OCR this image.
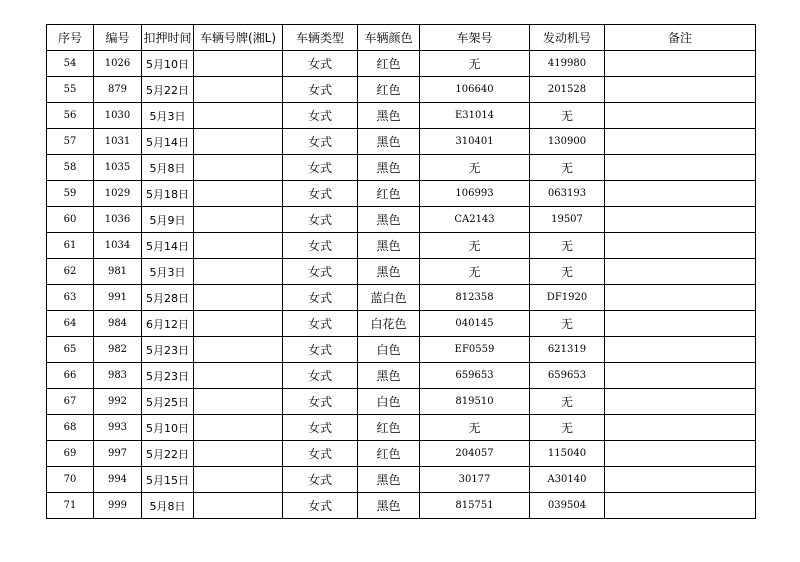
序号	编号	扣押时间	车辆号牌(湘L)	车辆类型	车辆颜色	车架号	发动机号	备注
54	1026	5月10日		女式	红色	无	419980	
55	879	5月22日		女式	红色	106640	201528	
56	1030	5月3日		女式	黑色	E31014	无	
57	1031	5月14日		女式	黑色	310401	130900	
58	1035	5月8日		女式	黑色	无	无	
59	1029	5月18日		女式	红色	106993	063193	
60	1036	5月9日		女式	黑色	CA2143	19507	
61	1034	5月14日		女式	黑色	无	无	
62	981	5月3日		女式	黑色	无	无	
63	991	5月28日		女式	蓝白色	812358	DF1920	
64	984	6月12日		女式	白花色	040145	无	
65	982	5月23日		女式	白色	EF0559	621319	
66	983	5月23日		女式	黑色	659653	659653	
67	992	5月25日		女式	白色	819510	无	
68	993	5月10日		女式	红色	无	无	
69	997	5月22日		女式	红色	204057	115040	
70	994	5月15日		女式	黑色	30177	A30140	
71	999	5月8日		女式	黑色	815751	039504	
